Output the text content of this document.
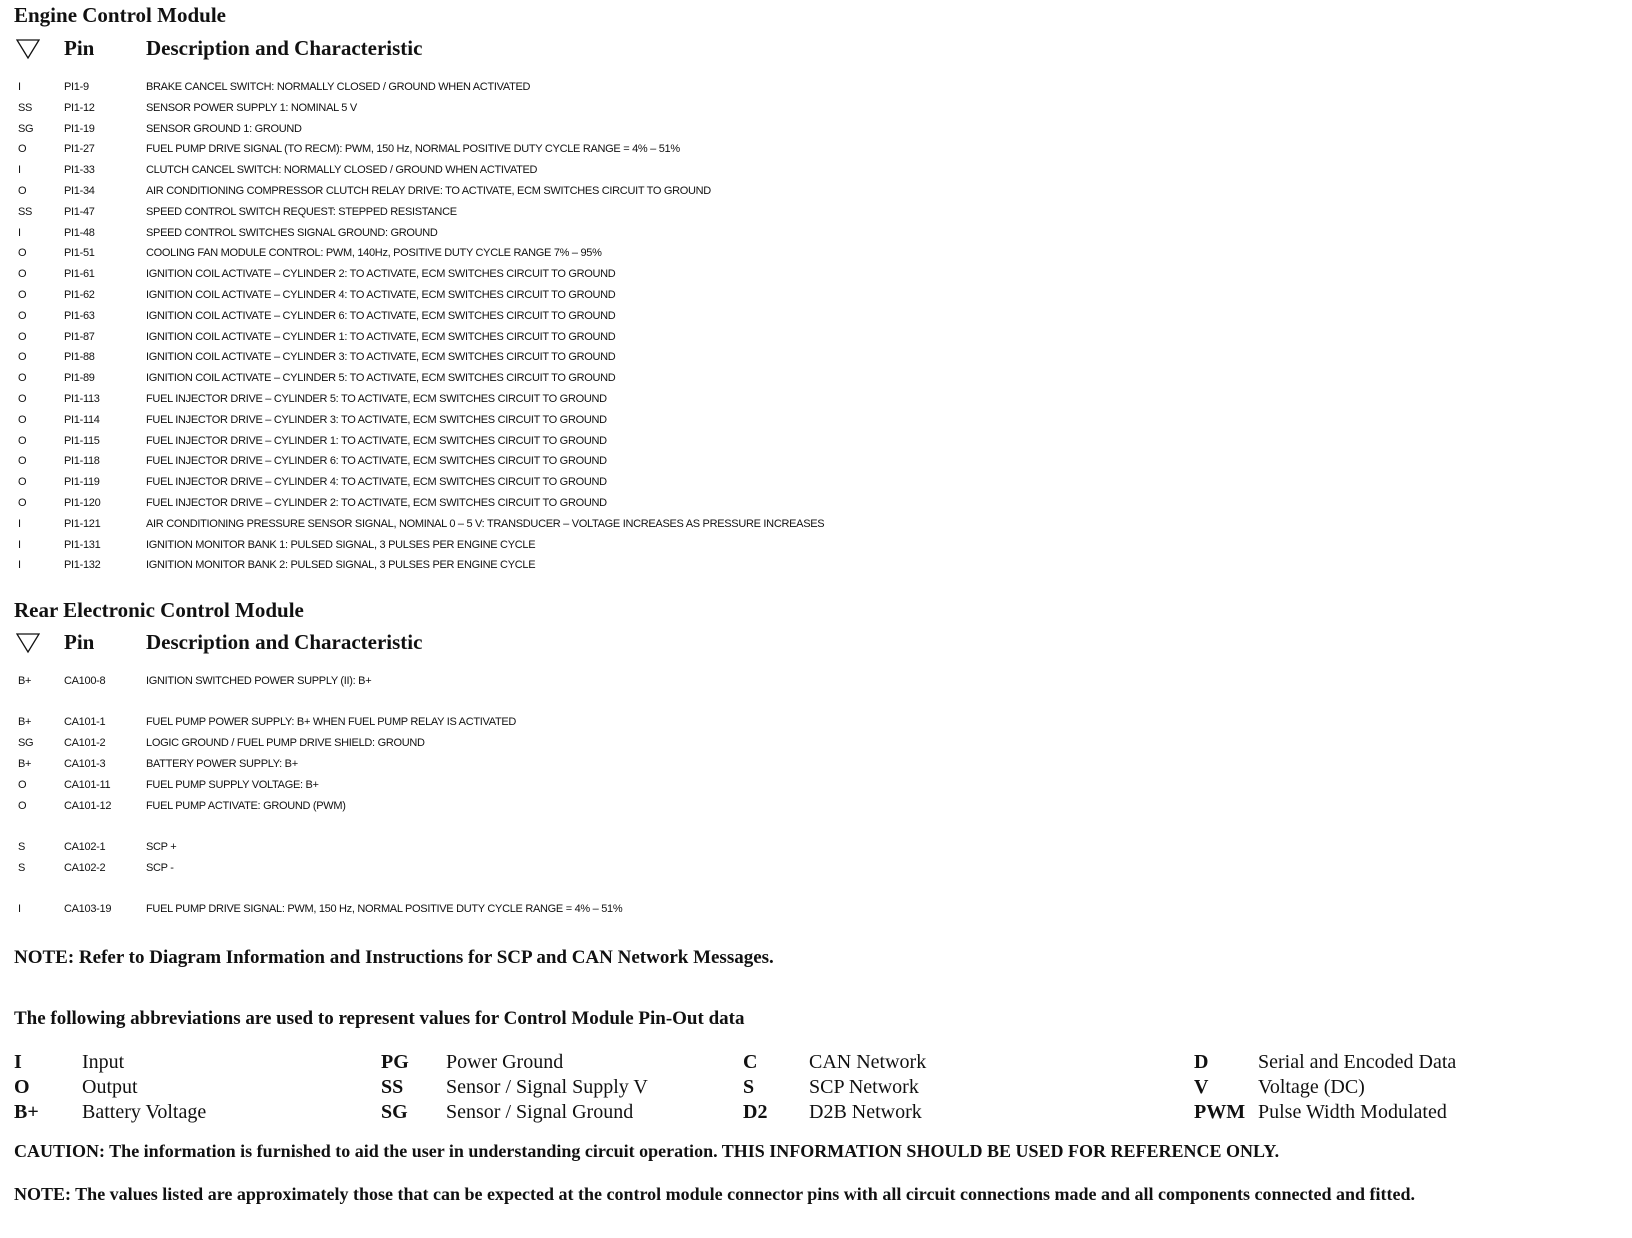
Engine Control Module
Pin Description and Characteristic
I	PI1-9	BRAKE CANCEL SWITCH: NORMALLY CLOSED / GROUND WHEN ACTIVATED
SS	PI1-12	SENSOR POWER SUPPLY 1: NOMINAL 5 V
SG	PI1-19	SENSOR GROUND 1: GROUND
O	PI1-27	FUEL PUMP DRIVE SIGNAL (TO RECM): PWM, 150 Hz, NORMAL POSITIVE DUTY CYCLE RANGE = 4% – 51%
I	PI1-33	CLUTCH CANCEL SWITCH: NORMALLY CLOSED / GROUND WHEN ACTIVATED
O	PI1-34	AIR CONDITIONING COMPRESSOR CLUTCH RELAY DRIVE: TO ACTIVATE, ECM SWITCHES CIRCUIT TO GROUND
SS	PI1-47	SPEED CONTROL SWITCH REQUEST: STEPPED RESISTANCE
I	PI1-48	SPEED CONTROL SWITCHES SIGNAL GROUND: GROUND
O	PI1-51	COOLING FAN MODULE CONTROL: PWM, 140Hz, POSITIVE DUTY CYCLE RANGE 7% – 95%
O	PI1-61	IGNITION COIL ACTIVATE – CYLINDER 2: TO ACTIVATE, ECM SWITCHES CIRCUIT TO GROUND
O	PI1-62	IGNITION COIL ACTIVATE – CYLINDER 4: TO ACTIVATE, ECM SWITCHES CIRCUIT TO GROUND
O	PI1-63	IGNITION COIL ACTIVATE – CYLINDER 6: TO ACTIVATE, ECM SWITCHES CIRCUIT TO GROUND
O	PI1-87	IGNITION COIL ACTIVATE – CYLINDER 1: TO ACTIVATE, ECM SWITCHES CIRCUIT TO GROUND
O	PI1-88	IGNITION COIL ACTIVATE – CYLINDER 3: TO ACTIVATE, ECM SWITCHES CIRCUIT TO GROUND
O	PI1-89	IGNITION COIL ACTIVATE – CYLINDER 5: TO ACTIVATE, ECM SWITCHES CIRCUIT TO GROUND
O	PI1-113	FUEL INJECTOR DRIVE – CYLINDER 5: TO ACTIVATE, ECM SWITCHES CIRCUIT TO GROUND
O	PI1-114	FUEL INJECTOR DRIVE – CYLINDER 3: TO ACTIVATE, ECM SWITCHES CIRCUIT TO GROUND
O	PI1-115	FUEL INJECTOR DRIVE – CYLINDER 1: TO ACTIVATE, ECM SWITCHES CIRCUIT TO GROUND
O	PI1-118	FUEL INJECTOR DRIVE – CYLINDER 6: TO ACTIVATE, ECM SWITCHES CIRCUIT TO GROUND
O	PI1-119	FUEL INJECTOR DRIVE – CYLINDER 4: TO ACTIVATE, ECM SWITCHES CIRCUIT TO GROUND
O	PI1-120	FUEL INJECTOR DRIVE – CYLINDER 2: TO ACTIVATE, ECM SWITCHES CIRCUIT TO GROUND
I	PI1-121	AIR CONDITIONING PRESSURE SENSOR SIGNAL, NOMINAL 0 – 5 V: TRANSDUCER – VOLTAGE INCREASES AS PRESSURE INCREASES
I	PI1-131	IGNITION MONITOR BANK 1: PULSED SIGNAL, 3 PULSES PER ENGINE CYCLE
I	PI1-132	IGNITION MONITOR BANK 2: PULSED SIGNAL, 3 PULSES PER ENGINE CYCLE
Rear Electronic Control Module
Pin Description and Characteristic
B+	CA100-8	IGNITION SWITCHED POWER SUPPLY (II): B+
B+	CA101-1	FUEL PUMP POWER SUPPLY: B+ WHEN FUEL PUMP RELAY IS ACTIVATED
SG	CA101-2	LOGIC GROUND / FUEL PUMP DRIVE SHIELD: GROUND
B+	CA101-3	BATTERY POWER SUPPLY: B+
O	CA101-11	FUEL PUMP SUPPLY VOLTAGE: B+
O	CA101-12	FUEL PUMP ACTIVATE: GROUND (PWM)
S	CA102-1	SCP +
S	CA102-2	SCP -
I	CA103-19	FUEL PUMP DRIVE SIGNAL: PWM, 150 Hz, NORMAL POSITIVE DUTY CYCLE RANGE = 4% – 51%
NOTE: Refer to Diagram Information and Instructions for SCP and CAN Network Messages.
The following abbreviations are used to represent values for Control Module Pin-Out data
I	Input
O	Output
B+ Battery Voltage
PG Power Ground
SS Sensor / Signal Supply V
SG Sensor / Signal Ground
C	CAN Network
S	SCP Network
D2 D2B Network
D Serial and Encoded Data
V Voltage (DC)
PWM Pulse Width Modulated
CAUTION: The information is furnished to aid the user in understanding circuit operation. THIS INFORMATION SHOULD BE USED FOR REFERENCE ONLY.
NOTE: The values listed are approximately those that can be expected at the control module connector pins with all circuit connections made and all components connected and fitted.
